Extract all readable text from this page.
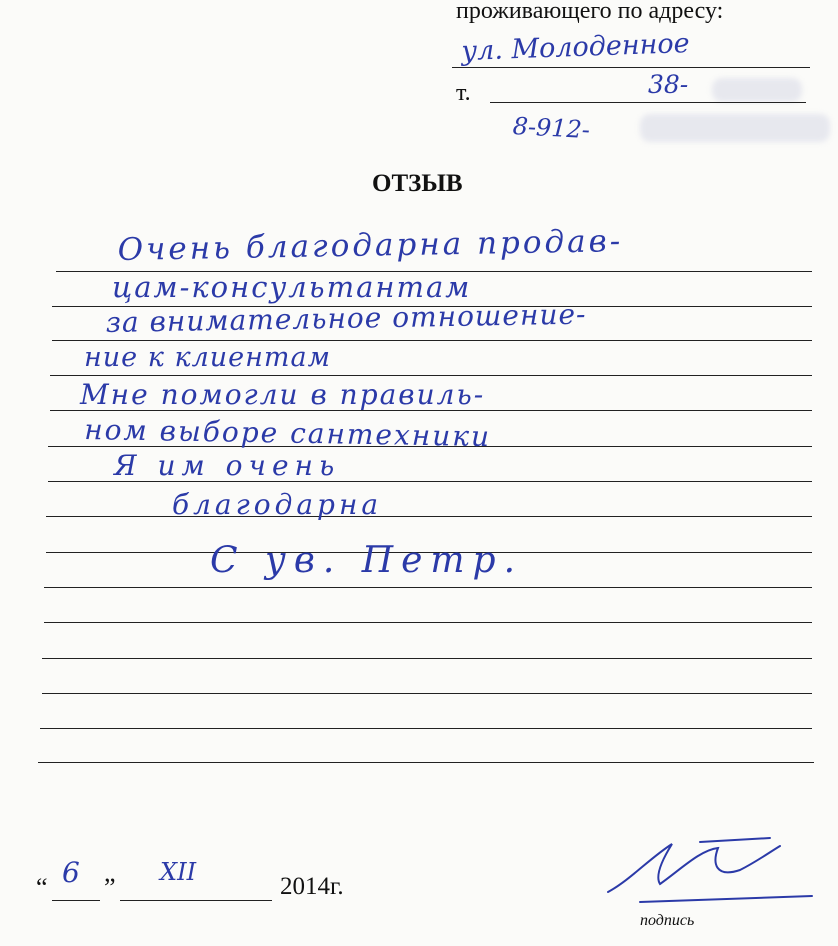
проживающего по адресу:
ул. Молоденное
т.	38-
8-912-
ОТЗЫВ
Очень благодарна продав-
цам-консультантам
за внимательное отношение-
ние к клиентам
Мне помогли в правиль-
ном выборе сантехники
Я им очень
благодарна
С ув. Петр.
“ 6 ”
XII
2014г.
подпись
